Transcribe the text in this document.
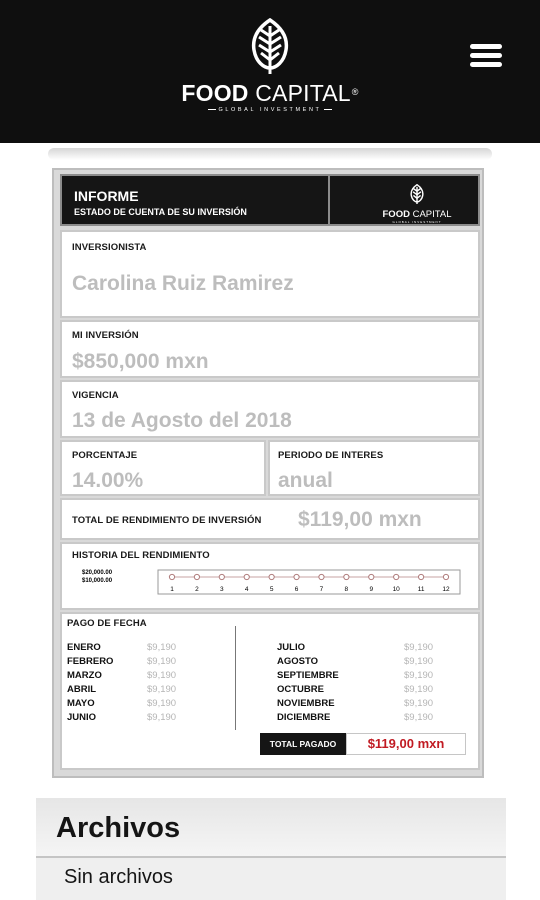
FOOD CAPITAL®
GLOBAL INVESTMENT
INFORME
ESTADO DE CUENTA DE SU INVERSIÓN	FOOD CAPITAL
GLOBAL INVESTMENT
INVERSIONISTA
Carolina Ruiz Ramirez
MI INVERSIÓN
$850,000 mxn
VIGENCIA
13 de Agosto del 2018
PORCENTAJE
14.00%
PERIODO DE INTERES
anual
TOTAL DE RENDIMIENTO DE INVERSIÓN $119,00 mxn
HISTORIA DEL RENDIMIENTO
$20,000.00
$10,000.00
1	2	3	4	5	6	7	8	9	10	11	12
PAGO DE FECHA
ENERO	$9,190
FEBRERO	$9,190
MARZO	$9,190
ABRIL	$9,190
MAYO	$9,190
JUNIO	$9,190
JULIO	$9,190
AGOSTO	$9,190
SEPTIEMBRE	$9,190
OCTUBRE	$9,190
NOVIEMBRE	$9,190
DICIEMBRE	$9,190
TOTAL PAGADO	$119,00 mxn
Archivos
Sin archivos
